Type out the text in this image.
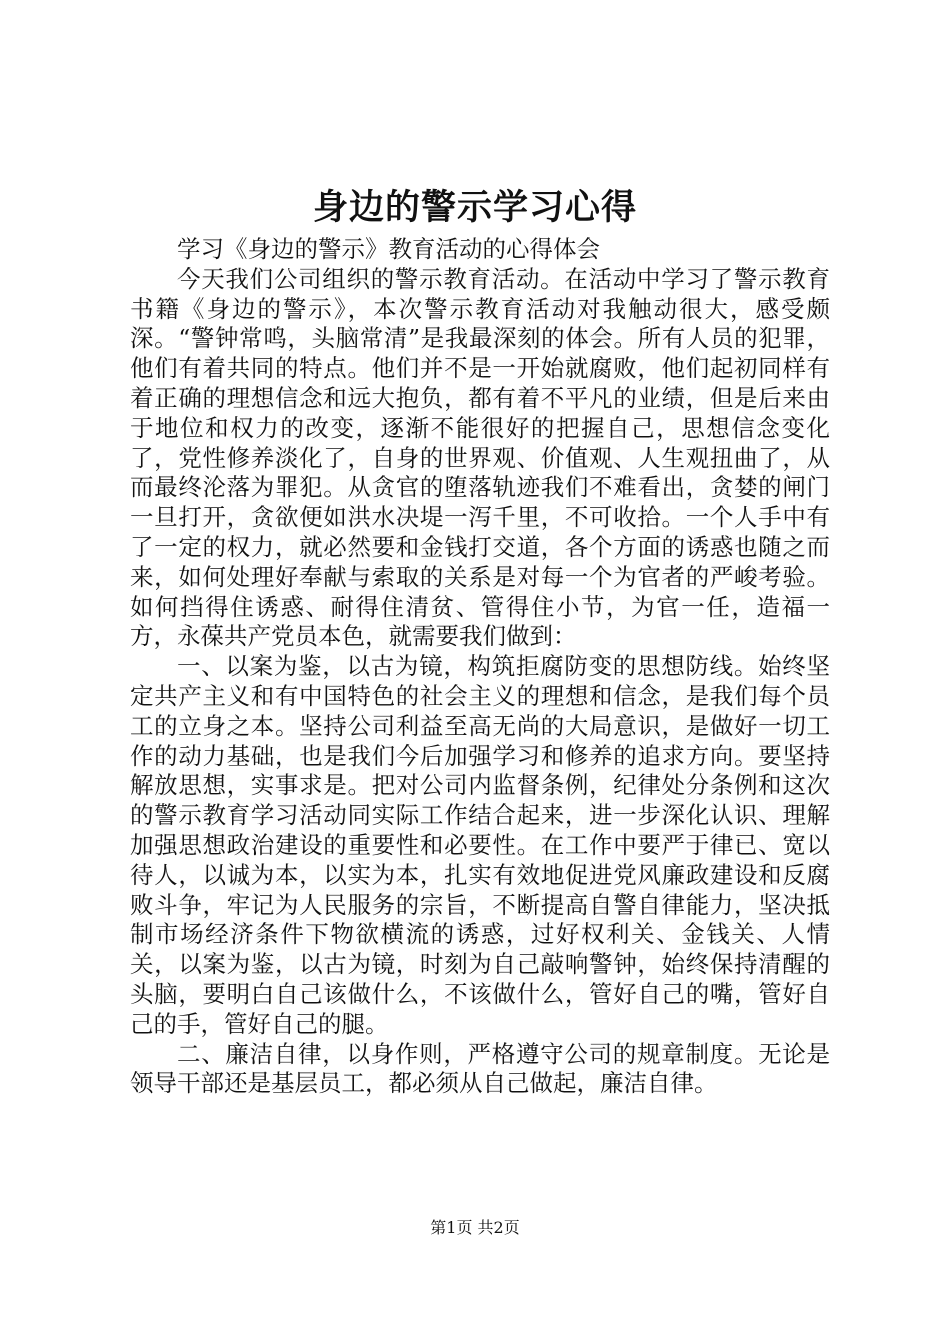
身边的警示学习心得

学习《身边的警示》教育活动的心得体会

今天我们公司组织的警示教育活动。在活动中学习了警示教育书籍《身边的警示》，本次警示教育活动对我触动很大，感受颇深。“警钟常鸣，头脑常清”是我最深刻的体会。所有人员的犯罪，他们有着共同的特点。他们并不是一开始就腐败，他们起初同样有着正确的理想信念和远大抱负，都有着不平凡的业绩，但是后来由于地位和权力的改变，逐渐不能很好的把握自己，思想信念变化了，党性修养淡化了，自身的世界观、价值观、人生观扭曲了，从而最终沦落为罪犯。从贪官的堕落轨迹我们不难看出，贪婪的闸门一旦打开，贪欲便如洪水决堤一泻千里，不可收拾。一个人手中有了一定的权力，就必然要和金钱打交道，各个方面的诱惑也随之而来，如何处理好奉献与索取的关系是对每一个为官者的严峻考验。如何挡得住诱惑、耐得住清贫、管得住小节，为官一任，造福一方，永葆共产党员本色，就需要我们做到：

一、以案为鉴，以古为镜，构筑拒腐防变的思想防线。始终坚定共产主义和有中国特色的社会主义的理想和信念，是我们每个员工的立身之本。坚持公司利益至高无尚的大局意识，是做好一切工作的动力基础，也是我们今后加强学习和修养的追求方向。要坚持解放思想，实事求是。把对公司内监督条例，纪律处分条例和这次的警示教育学习活动同实际工作结合起来，进一步深化认识、理解加强思想政治建设的重要性和必要性。在工作中要严于律已、宽以待人，以诚为本，以实为本，扎实有效地促进党风廉政建设和反腐败斗争，牢记为人民服务的宗旨，不断提高自警自律能力，坚决抵制市场经济条件下物欲横流的诱惑，过好权利关、金钱关、人情关，以案为鉴，以古为镜，时刻为自己敲响警钟，始终保持清醒的头脑，要明白自己该做什么，不该做什么，管好自己的嘴，管好自己的手，管好自己的腿。

二、廉洁自律，以身作则，严格遵守公司的规章制度。无论是领导干部还是基层员工，都必须从自己做起，廉洁自律。

第1页 共2页
